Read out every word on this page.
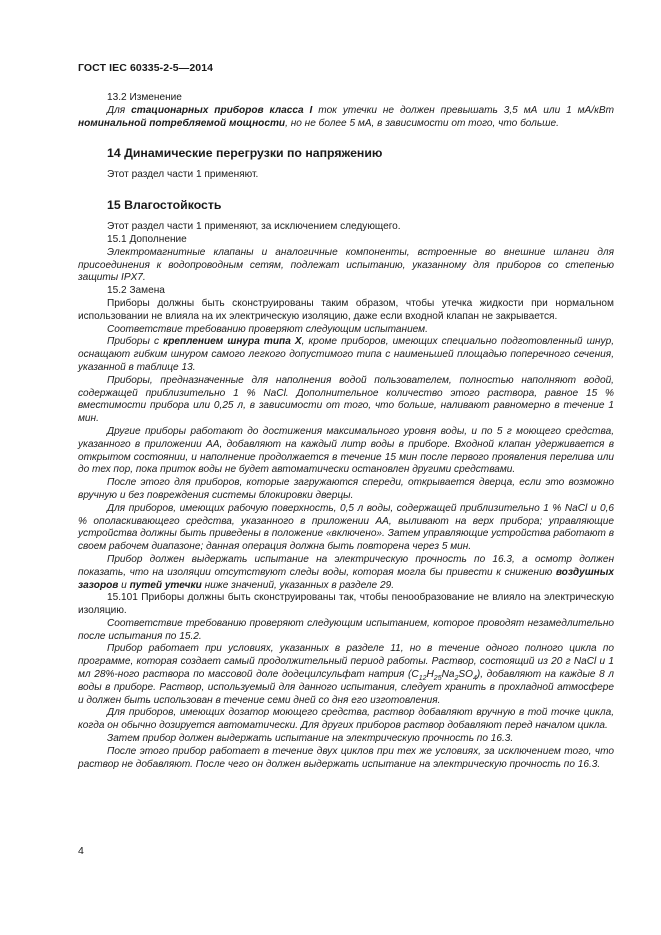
ГОСТ IEC 60335-2-5—2014

13.2 Изменение

Для стационарных приборов класса I ток утечки не должен превышать 3,5 мА или 1 мА/кВт номинальной потребляемой мощности, но не более 5 мА, в зависимости от того, что больше.

14 Динамические перегрузки по напряжению

Этот раздел части 1 применяют.

15 Влагостойкость

Этот раздел части 1 применяют, за исключением следующего.

15.1 Дополнение

Электромагнитные клапаны и аналогичные компоненты, встроенные во внешние шланги для присоединения к водопроводным сетям, подлежат испытанию, указанному для приборов со степенью защиты IPX7.

15.2 Замена

Приборы должны быть сконструированы таким образом, чтобы утечка жидкости при нормальном использовании не влияла на их электрическую изоляцию, даже если входной клапан не закрывается.

Соответствие требованию проверяют следующим испытанием.

Приборы с креплением шнура типа X, кроме приборов, имеющих специально подготовленный шнур, оснащают гибким шнуром самого легкого допустимого типа с наименьшей площадью поперечного сечения, указанной в таблице 13.

Приборы, предназначенные для наполнения водой пользователем, полностью наполняют водой, содержащей приблизительно 1 % NaCl. Дополнительное количество этого раствора, равное 15 % вместимости прибора или 0,25 л, в зависимости от того, что больше, наливают равномерно в течение 1 мин.

Другие приборы работают до достижения максимального уровня воды, и по 5 г моющего средства, указанного в приложении АА, добавляют на каждый литр воды в приборе. Входной клапан удерживается в открытом состоянии, и наполнение продолжается в течение 15 мин после первого проявления перелива или до тех пор, пока приток воды не будет автоматически остановлен другими средствами.

После этого для приборов, которые загружаются спереди, открывается дверца, если это возможно вручную и без повреждения системы блокировки дверцы.

Для приборов, имеющих рабочую поверхность, 0,5 л воды, содержащей приблизительно 1 % NaCl и 0,6 % ополаскивающего средства, указанного в приложении АА, выливают на верх прибора; управляющие устройства должны быть приведены в положение «включено». Затем управляющие устройства работают в своем рабочем диапазоне; данная операция должна быть повторена через 5 мин.

Прибор должен выдержать испытание на электрическую прочность по 16.3, а осмотр должен показать, что на изоляции отсутствуют следы воды, которая могла бы привести к снижению воздушных зазоров и путей утечки ниже значений, указанных в разделе 29.

15.101 Приборы должны быть сконструированы так, чтобы пенообразование не влияло на электрическую изоляцию.

Соответствие требованию проверяют следующим испытанием, которое проводят незамедлительно после испытания по 15.2.

Прибор работает при условиях, указанных в разделе 11, но в течение одного полного цикла по программе, которая создает самый продолжительный период работы. Раствор, состоящий из 20 г NaCl и 1 мл 28%-ного раствора по массовой доле додецилсульфат натрия $(C_{12}H_{25}Na_2SO_4)$, добавляют на каждые 8 л воды в приборе. Раствор, используемый для данного испытания, следует хранить в прохладной атмосфере и должен быть использован в течение семи дней со дня его изготовления.

Для приборов, имеющих дозатор моющего средства, раствор добавляют вручную в той точке цикла, когда он обычно дозируется автоматически. Для других приборов раствор добавляют перед началом цикла.

Затем прибор должен выдержать испытание на электрическую прочность по 16.3.

После этого прибор работает в течение двух циклов при тех же условиях, за исключением того, что раствор не добавляют. После чего он должен выдержать испытание на электрическую прочность по 16.3.

4
